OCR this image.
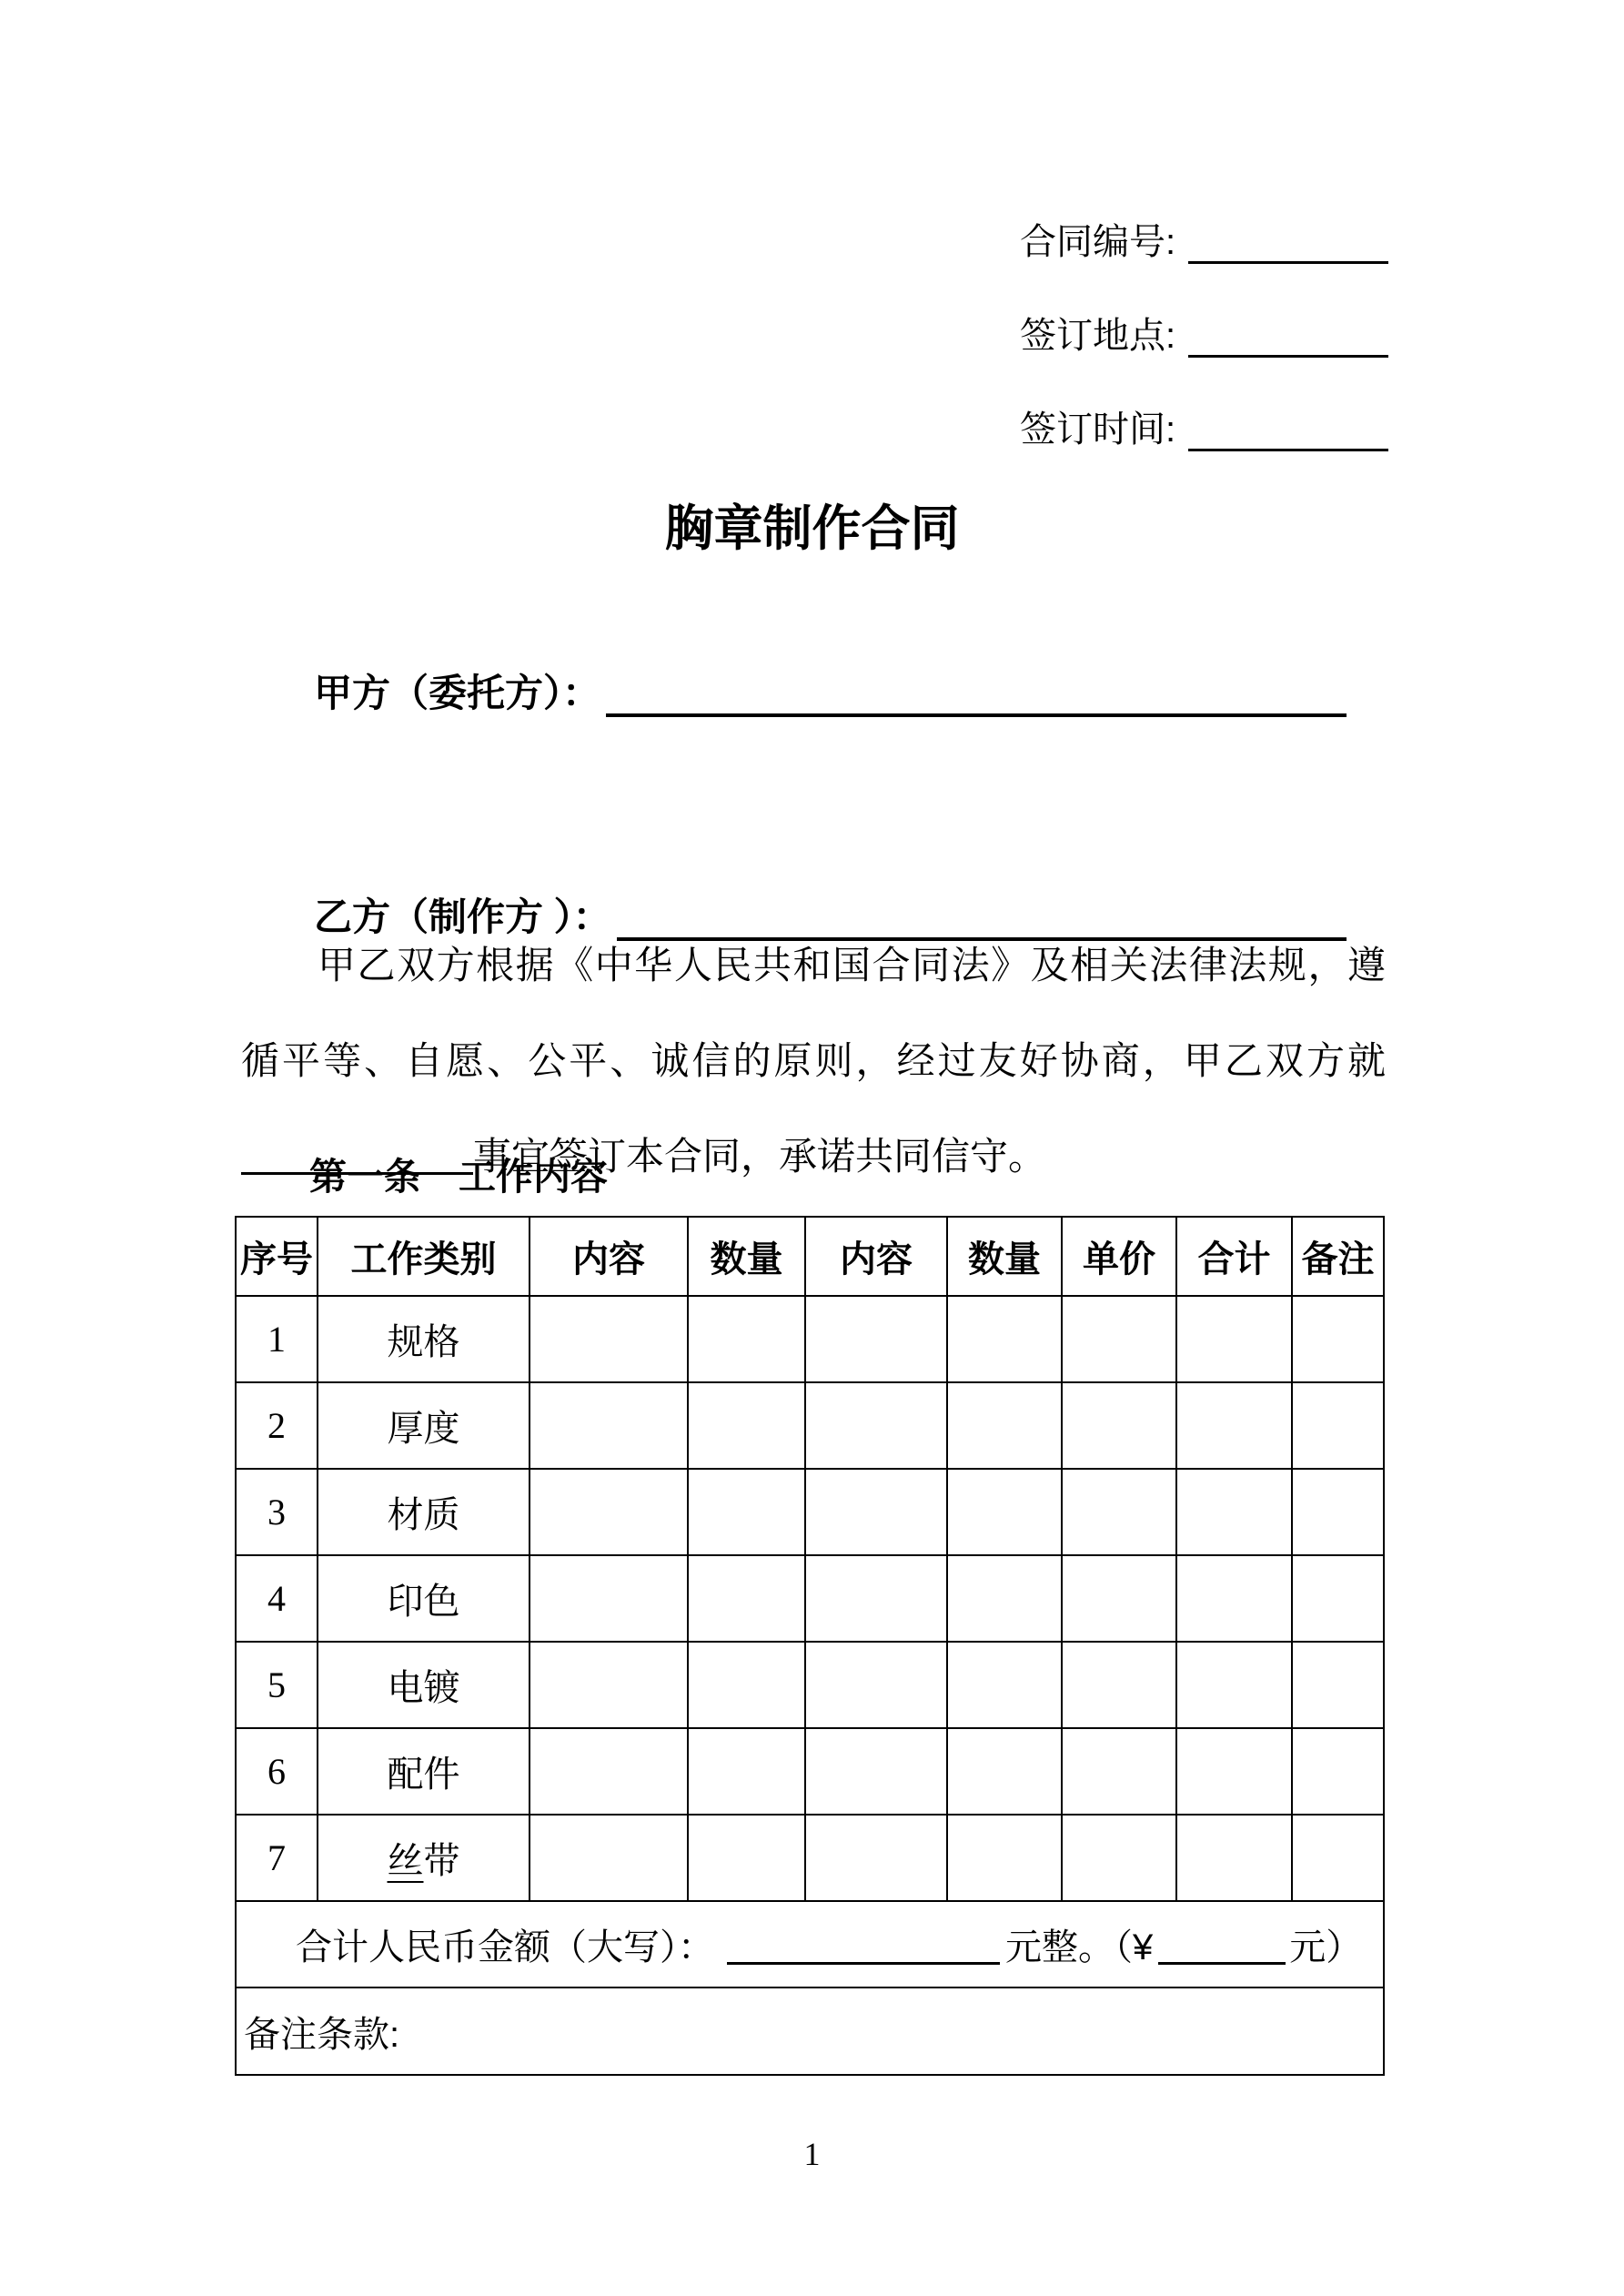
合同编号:
签订地点:
签订时间:
胸章制作合同
甲方（委托方）：
乙方（制作方 ）：

甲乙双方根据《中华人民共和国合同法》及相关法律法规，遵循平等、自愿、公平、诚信的原则，经过友好协商，甲乙双方就事宜签订本合同，承诺共同信守。

第一条　工作内容
序号	工作类别	内容	数量	内容	数量	单价	合计	备注
1	规格							
2	厚度							
3	材质							
4	印色							
5	电镀							
6	配件							
7	丝带							
合计人民币金额（大写）： 元整。（¥ 元）								
备注条款:								
1
